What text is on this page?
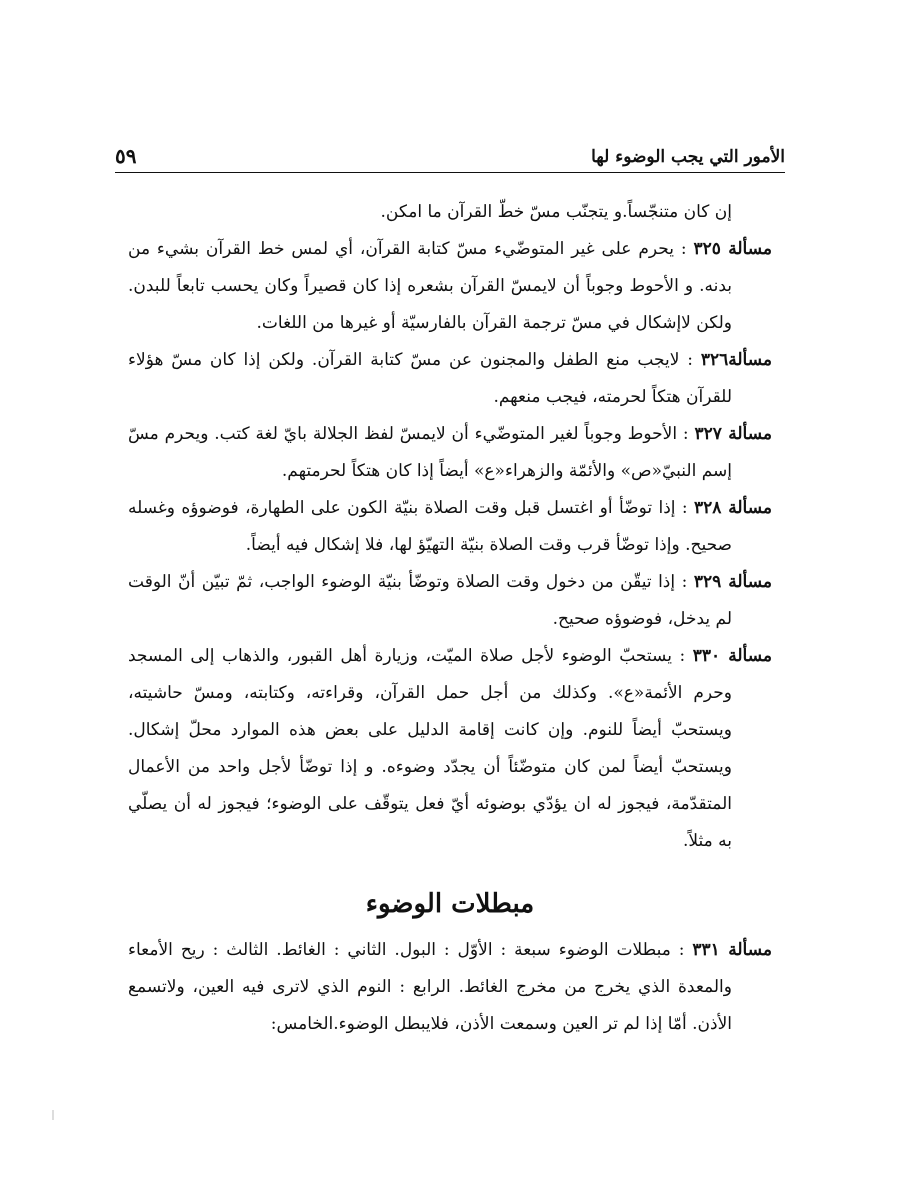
الأمور التي يجب الوضوء لها
٥٩

إن كان متنجّساً.و يتجنّب مسّ خطّ القرآن ما امكن.

مسألة ٣٢٥ : يحرم على غير المتوضّيء مسّ كتابة القرآن، أي لمس خط القرآن بشيء من بدنه. و الأحوط وجوباً أن لايمسّ القرآن بشعره إذا كان قصيراً وكان يحسب تابعاً للبدن. ولكن لاإشكال في مسّ ترجمة القرآن بالفارسيّة أو غيرها من اللغات.

مسألة٣٢٦ : لايجب منع الطفل والمجنون عن مسّ كتابة القرآن. ولكن إذا كان مسّ هؤلاء للقرآن هتكاً لحرمته، فيجب منعهم.

مسألة ٣٢٧ : الأحوط وجوباً لغير المتوضّيء أن لايمسّ لفظ الجلالة بايّ لغة كتب. ويحرم مسّ إسم النبيّ«ص» والأئمّة والزهراء«ع» أيضاً إذا كان هتكاً لحرمتهم.

مسألة ٣٢٨ : إذا توضّأ أو اغتسل قبل وقت الصلاة بنيّة الكون على الطهارة، فوضوؤه وغسله صحيح. وإذا توضّأ قرب وقت الصلاة بنيّة التهيّؤ لها، فلا إشكال فيه أيضاً.

مسألة ٣٢٩ : إذا تيقّن من دخول وقت الصلاة وتوضّأ بنيّة الوضوء الواجب، ثمّ تبيّن أنّ الوقت لم يدخل، فوضوؤه صحيح.

مسألة ٣٣٠ : يستحبّ الوضوء لأجل صلاة الميّت، وزيارة أهل القبور، والذهاب إلى المسجد وحرم الأئمة«ع». وكذلك من أجل حمل القرآن، وقراءته، وكتابته، ومسّ حاشيته، ويستحبّ أيضاً للنوم. وإن كانت إقامة الدليل على بعض هذه الموارد محلّ إشكال. ويستحبّ أيضاً لمن كان متوضّئاً أن يجدّد وضوءه. و إذا توضّأ لأجل واحد من الأعمال المتقدّمة، فيجوز له ان يؤدّي بوضوئه أيّ فعل يتوقّف على الوضوء؛ فيجوز له أن يصلّي به مثلاً.

مبطلات الوضوء

مسألة ٣٣١ : مبطلات الوضوء سبعة : الأوّل : البول. الثاني : الغائط. الثالث : ريح الأمعاء والمعدة الذي يخرج من مخرج الغائط. الرابع : النوم الذي لاترى فيه العين، ولاتسمع الأذن. أمّا إذا لم تر العين وسمعت الأذن، فلايبطل الوضوء.الخامس:
